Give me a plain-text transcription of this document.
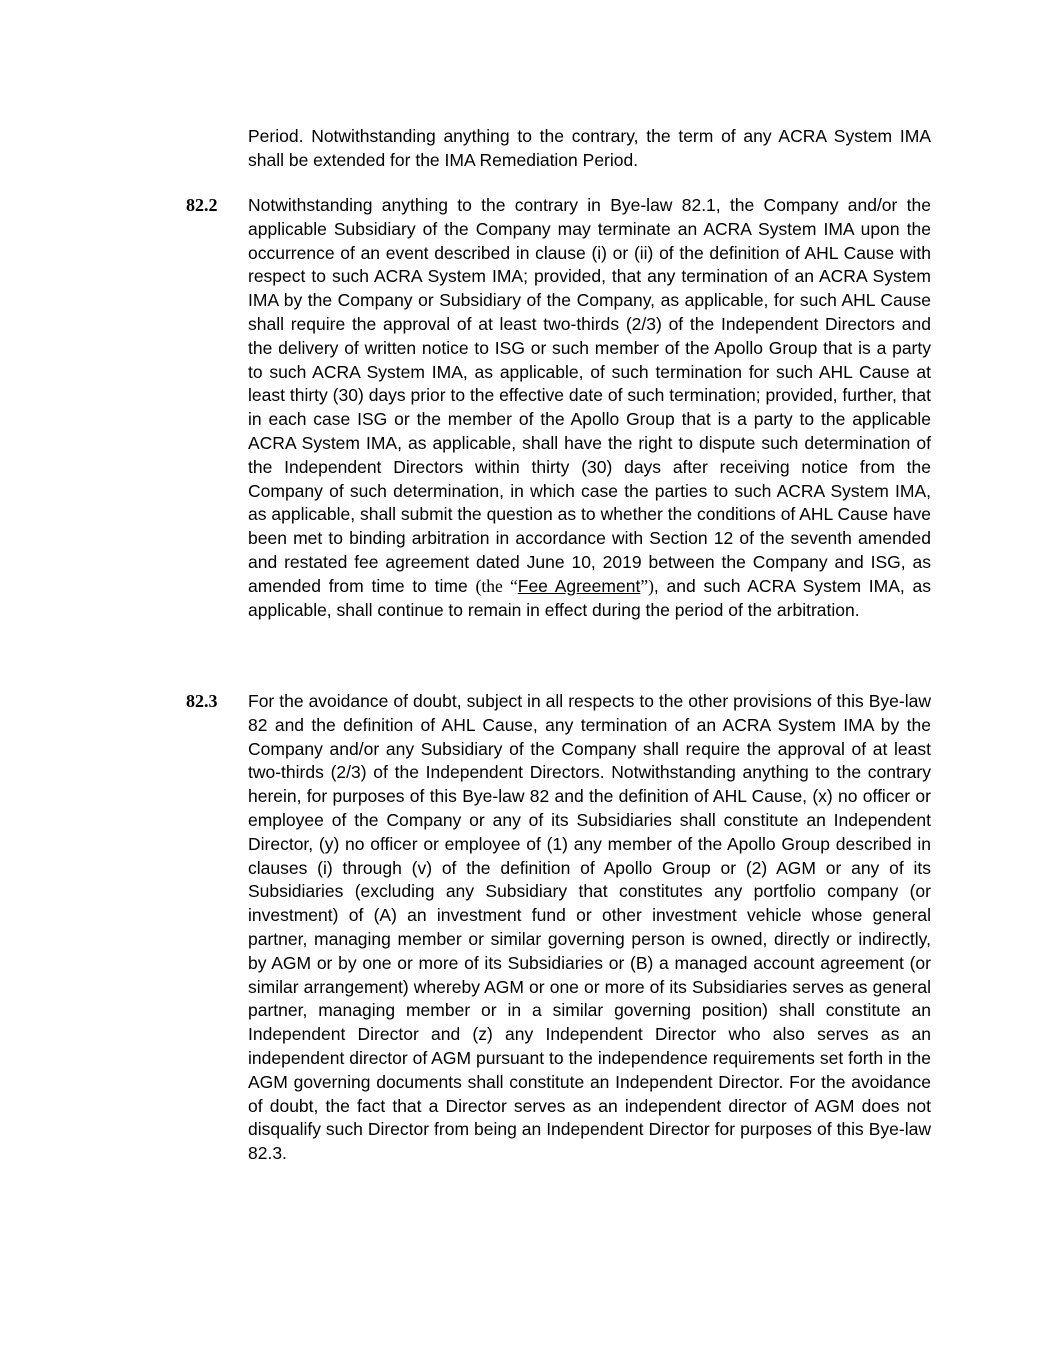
Period. Notwithstanding anything to the contrary, the term of any ACRA System IMA shall be extended for the IMA Remediation Period.

82.2 Notwithstanding anything to the contrary in Bye-law 82.1, the Company and/or the applicable Subsidiary of the Company may terminate an ACRA System IMA upon the occurrence of an event described in clause (i) or (ii) of the definition of AHL Cause with respect to such ACRA System IMA; provided, that any termination of an ACRA System IMA by the Company or Subsidiary of the Company, as applicable, for such AHL Cause shall require the approval of at least two-thirds (2/3) of the Independent Directors and the delivery of written notice to ISG or such member of the Apollo Group that is a party to such ACRA System IMA, as applicable, of such termination for such AHL Cause at least thirty (30) days prior to the effective date of such termination; provided, further, that in each case ISG or the member of the Apollo Group that is a party to the applicable ACRA System IMA, as applicable, shall have the right to dispute such determination of the Independent Directors within thirty (30) days after receiving notice from the Company of such determination, in which case the parties to such ACRA System IMA, as applicable, shall submit the question as to whether the conditions of AHL Cause have been met to binding arbitration in accordance with Section 12 of the seventh amended and restated fee agreement dated June 10, 2019 between the Company and ISG, as amended from time to time (the “Fee Agreement”), and such ACRA System IMA, as applicable, shall continue to remain in effect during the period of the arbitration.

82.3 For the avoidance of doubt, subject in all respects to the other provisions of this Bye-law 82 and the definition of AHL Cause, any termination of an ACRA System IMA by the Company and/or any Subsidiary of the Company shall require the approval of at least two-thirds (2/3) of the Independent Directors. Notwithstanding anything to the contrary herein, for purposes of this Bye-law 82 and the definition of AHL Cause, (x) no officer or employee of the Company or any of its Subsidiaries shall constitute an Independent Director, (y) no officer or employee of (1) any member of the Apollo Group described in clauses (i) through (v) of the definition of Apollo Group or (2) AGM or any of its Subsidiaries (excluding any Subsidiary that constitutes any portfolio company (or investment) of (A) an investment fund or other investment vehicle whose general partner, managing member or similar governing person is owned, directly or indirectly, by AGM or by one or more of its Subsidiaries or (B) a managed account agreement (or similar arrangement) whereby AGM or one or more of its Subsidiaries serves as general partner, managing member or in a similar governing position) shall constitute an Independent Director and (z) any Independent Director who also serves as an independent director of AGM pursuant to the independence requirements set forth in the AGM governing documents shall constitute an Independent Director. For the avoidance of doubt, the fact that a Director serves as an independent director of AGM does not disqualify such Director from being an Independent Director for purposes of this Bye-law 82.3.
